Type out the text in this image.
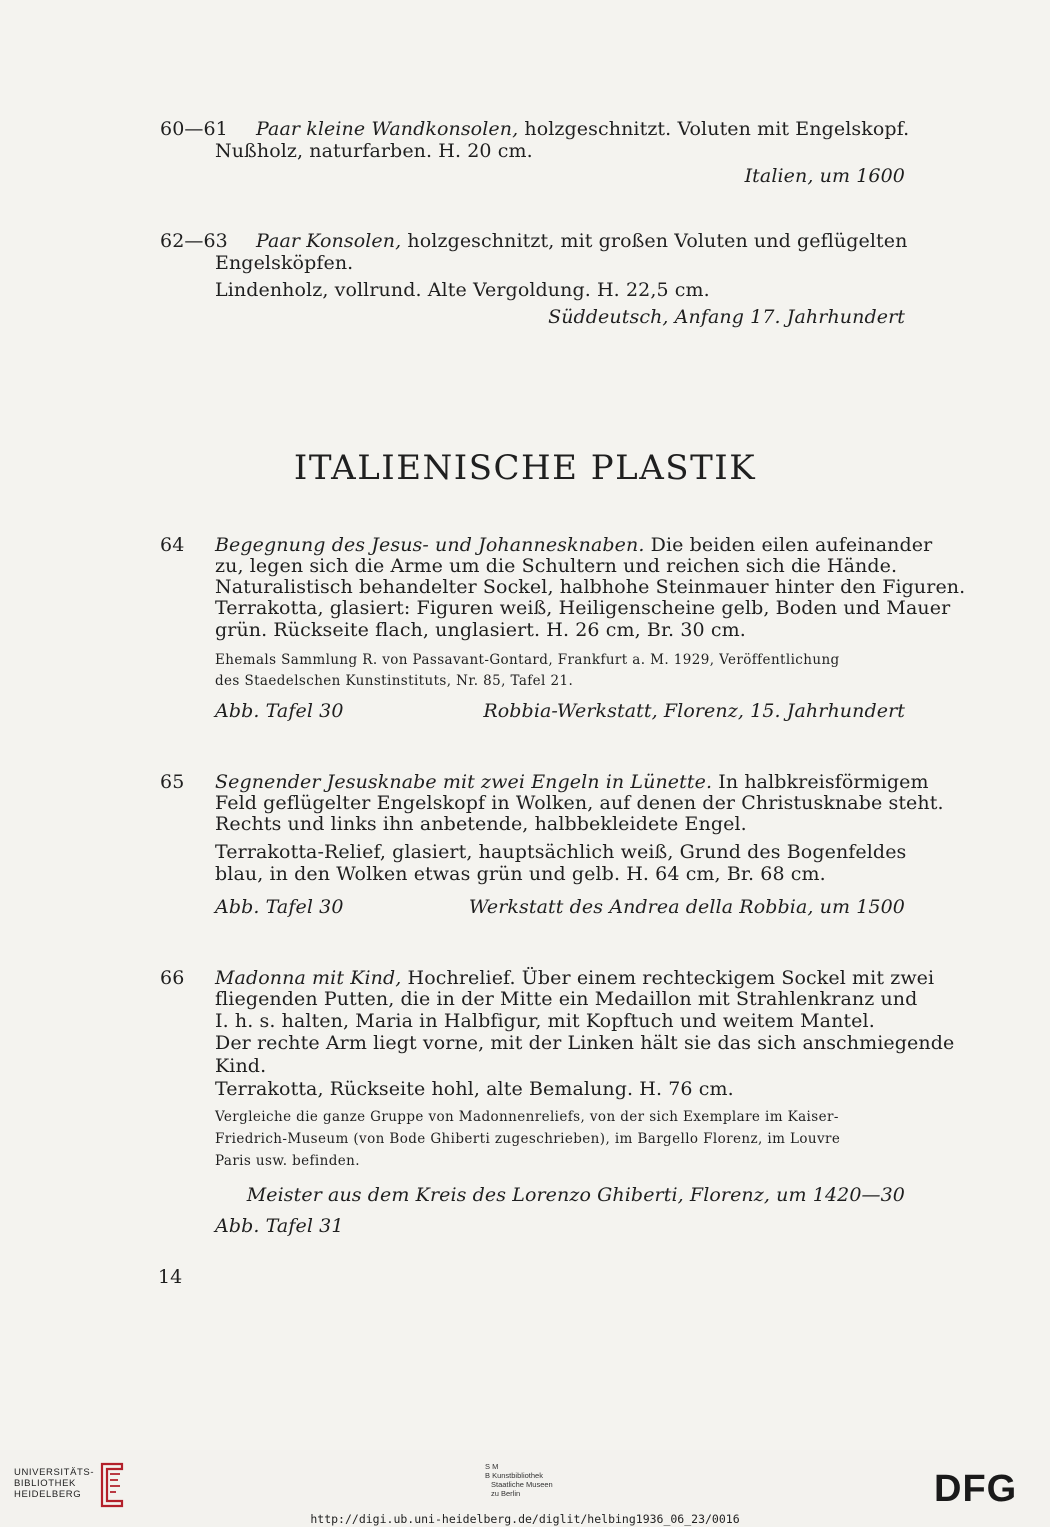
60—61 Paar kleine Wandkonsolen, holzgeschnitzt. Voluten mit Engelskopf.
Nußholz, naturfarben. H. 20 cm.
Italien, um 1600
62—63 Paar Konsolen, holzgeschnitzt, mit großen Voluten und geflügelten
Engelsköpfen.
Lindenholz, vollrund. Alte Vergoldung. H. 22,5 cm.
Süddeutsch, Anfang 17. Jahrhundert
ITALIENISCHE PLASTIK
64 Begegnung des Jesus- und Johannesknaben. Die beiden eilen aufeinander
zu, legen sich die Arme um die Schultern und reichen sich die Hände.
Naturalistisch behandelter Sockel, halbhohe Steinmauer hinter den Figuren.
Terrakotta, glasiert: Figuren weiß, Heiligenscheine gelb, Boden und Mauer
grün. Rückseite flach, unglasiert. H. 26 cm, Br. 30 cm.
Ehemals Sammlung R. von Passavant-Gontard, Frankfurt a. M. 1929, Veröffentlichung
des Staedelschen Kunstinstituts, Nr. 85, Tafel 21.
Abb. Tafel 30	Robbia-Werkstatt, Florenz, 15. Jahrhundert
65 Segnender Jesusknabe mit zwei Engeln in Lünette. In halbkreisförmigem
Feld geflügelter Engelskopf in Wolken, auf denen der Christusknabe steht.
Rechts und links ihn anbetende, halbbekleidete Engel.
Terrakotta-Relief, glasiert, hauptsächlich weiß, Grund des Bogenfeldes
blau, in den Wolken etwas grün und gelb. H. 64 cm, Br. 68 cm.
Abb. Tafel 30	Werkstatt des Andrea della Robbia, um 1500
66 Madonna mit Kind, Hochrelief. Über einem rechteckigem Sockel mit zwei
fliegenden Putten, die in der Mitte ein Medaillon mit Strahlenkranz und
I. h. s. halten, Maria in Halbfigur, mit Kopftuch und weitem Mantel.
Der rechte Arm liegt vorne, mit der Linken hält sie das sich anschmiegende
Kind.
Terrakotta, Rückseite hohl, alte Bemalung. H. 76 cm.
Vergleiche die ganze Gruppe von Madonnenreliefs, von der sich Exemplare im Kaiser-
Friedrich-Museum (von Bode Ghiberti zugeschrieben), im Bargello Florenz, im Louvre
Paris usw. befinden.
Meister aus dem Kreis des Lorenzo Ghiberti, Florenz, um 1420—30
Abb. Tafel 31
14
UNIVERSITÄTS-
BIBLIOTHEK
HEIDELBERG
S M
B Kunstbibliothek
Staatliche Museen
zu Berlin	DFG
http://digi.ub.uni-heidelberg.de/diglit/helbing1936_06_23/0016
